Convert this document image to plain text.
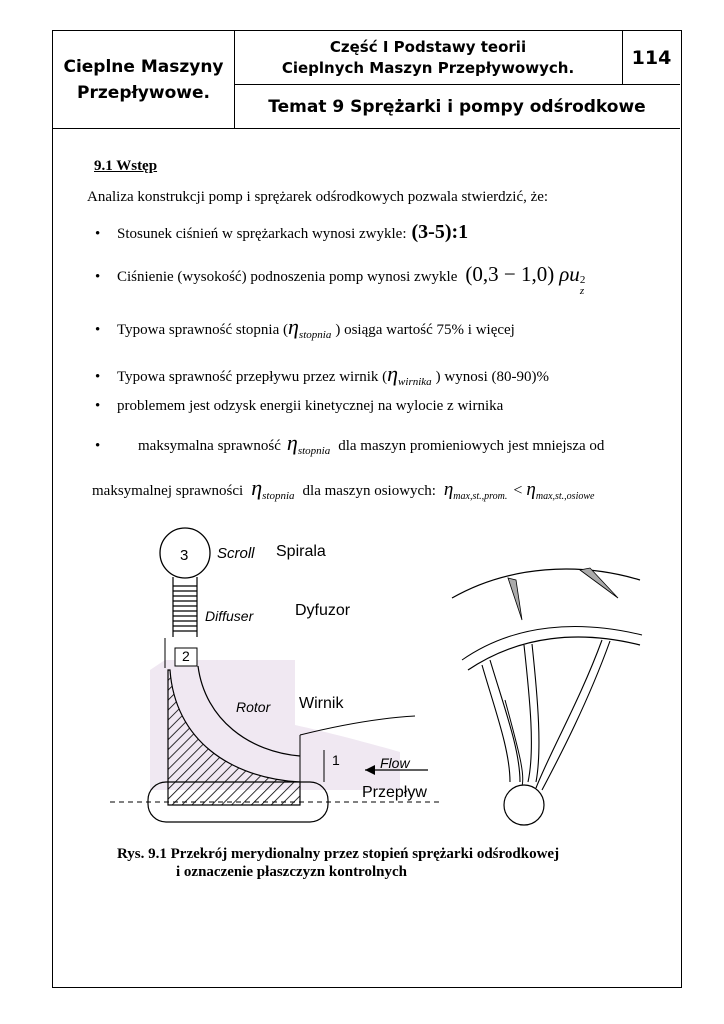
Cieplne Maszyny
Przepływowe.
Część I Podstawy teorii
Cieplnych Maszyn Przepływowych.	114
Temat 9 Sprężarki i pompy odśrodkowe
9.1 Wstęp
Analiza konstrukcji pomp i sprężarek odśrodkowych pozwala stwierdzić, że:
•	Stosunek ciśnień w sprężarkach wynosi zwykle: (3-5):1
•	Ciśnienie (wysokość) podnoszenia pomp wynosi zwykle (0,3 − 1,0) ρu 2
z
•	Typowa sprawność stopnia ( η stopnia ) osiąga wartość 75% i więcej
•	Typowa sprawność przepływu przez wirnik ( η wirnika ) wynosi (80-90)%
•	problemem jest odzysk energii kinetycznej na wylocie z wirnika
•	maksymalna sprawność η stopnia dla maszyn promieniowych jest mniejsza od
maksymalnej sprawności η stopnia dla maszyn osiowych: η max,st.,prom. < η max,st.,osiowe
3
2
1
Scroll Spirala
Diffuser	Dyfuzor
Rotor Wirnik
Flow
Przepływ
Rys. 9.1 Przekrój merydionalny przez stopień sprężarki odśrodkowej
i oznaczenie płaszczyzn kontrolnych
